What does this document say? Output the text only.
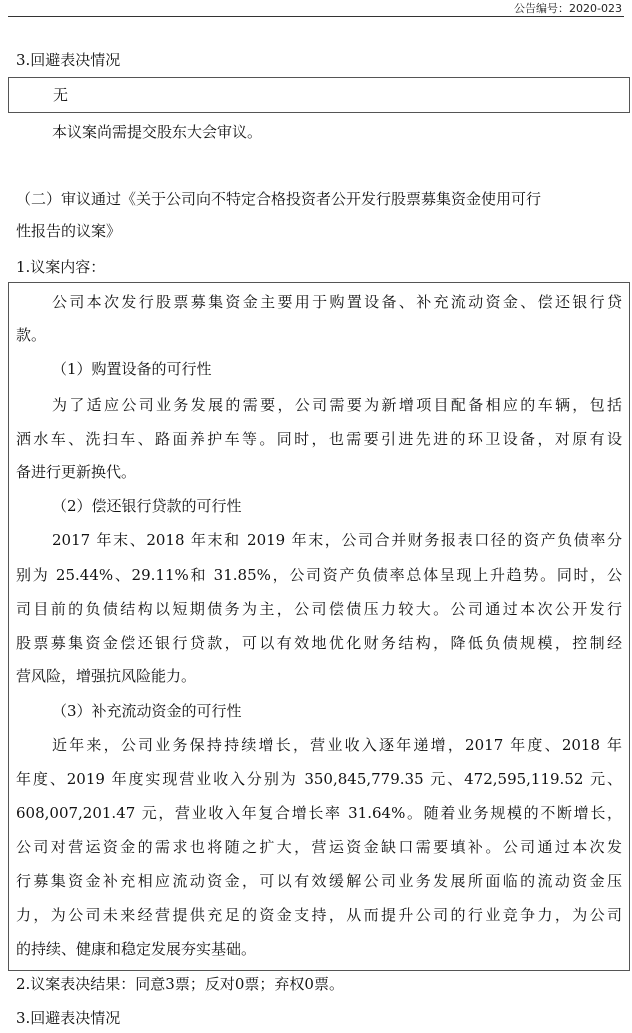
公告编号：2020-023
3.回避表决情况
无
本议案尚需提交股东大会审议。
（二）审议通过《关于公司向不特定合格投资者公开发行股票募集资金使用可行
性报告的议案》
1.议案内容：
公司本次发行股票募集资金主要用于购置设备、补充流动资金、偿还银行贷
款。
（1）购置设备的可行性
为了适应公司业务发展的需要，公司需要为新增项目配备相应的车辆，包括
洒水车、洗扫车、路面养护车等。同时，也需要引进先进的环卫设备，对原有设
备进行更新换代。
（2）偿还银行贷款的可行性
2017 年末、2018 年末和 2019 年末，公司合并财务报表口径的资产负债率分
别为 25.44%、29.11%和 31.85%，公司资产负债率总体呈现上升趋势。同时，公
司目前的负债结构以短期债务为主，公司偿债压力较大。公司通过本次公开发行
股票募集资金偿还银行贷款，可以有效地优化财务结构，降低负债规模，控制经
营风险，增强抗风险能力。
（3）补充流动资金的可行性
近年来，公司业务保持持续增长，营业收入逐年递增，2017 年度、2018 年
年度、2019 年度实现营业收入分别为 350,845,779.35 元、472,595,119.52 元、
608,007,201.47 元，营业收入年复合增长率 31.64%。随着业务规模的不断增长，
公司对营运资金的需求也将随之扩大，营运资金缺口需要填补。公司通过本次发
行募集资金补充相应流动资金，可以有效缓解公司业务发展所面临的流动资金压
力，为公司未来经营提供充足的资金支持，从而提升公司的行业竞争力，为公司
的持续、健康和稳定发展夯实基础。
2.议案表决结果：同意3票；反对0票；弃权0票。
3.回避表决情况
